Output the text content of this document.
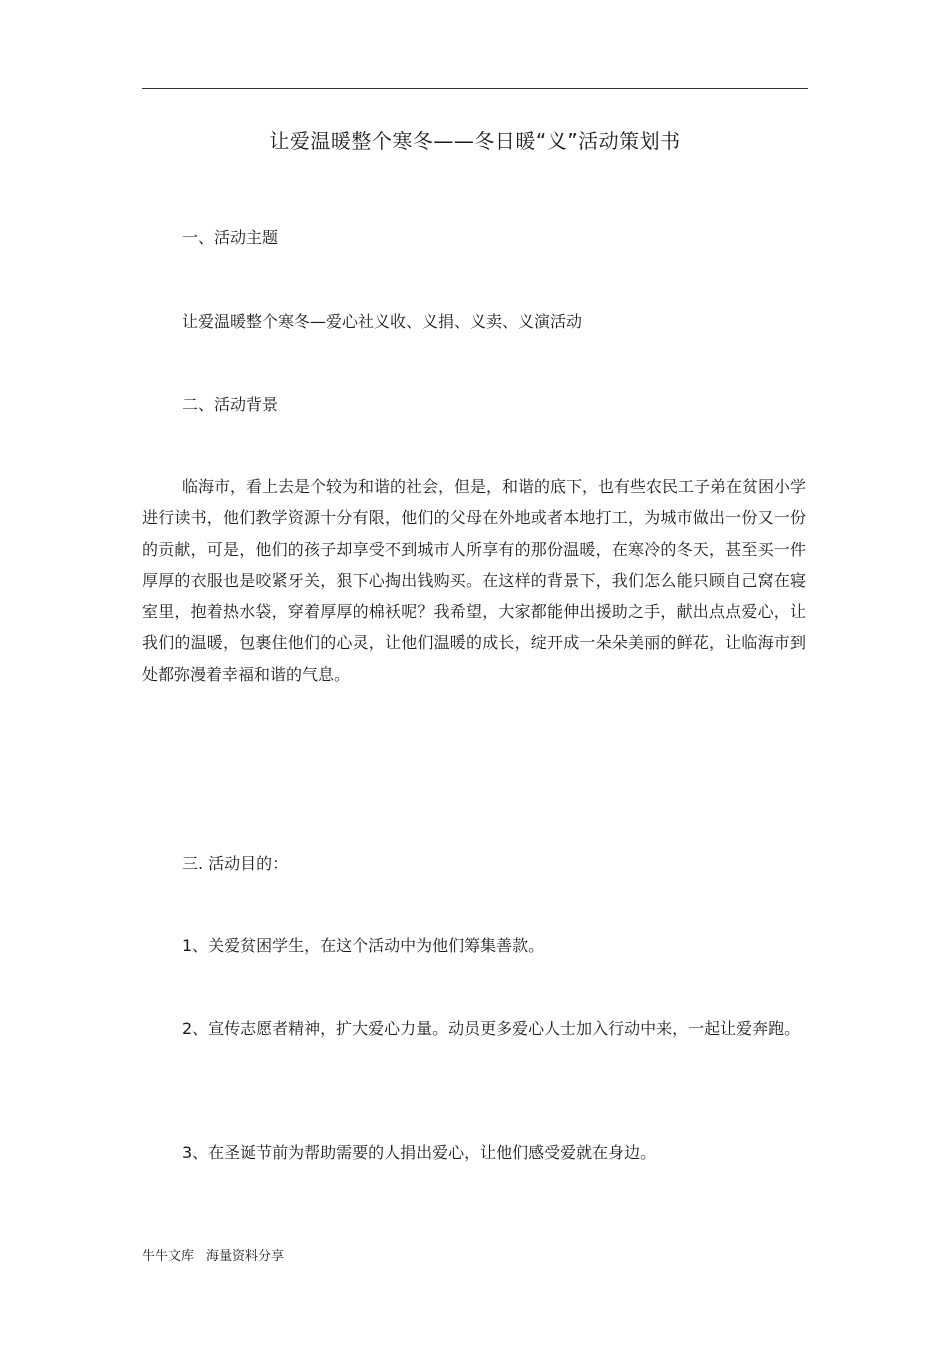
让爱温暖整个寒冬——冬日暖“义”活动策划书
一、活动主题
让爱温暖整个寒冬—爱心社义收、义捐、义卖、义演活动
二、活动背景
临海市，看上去是个较为和谐的社会，但是，和谐的底下，也有些农民工子弟在贫困小学进行读书，他们教学资源十分有限，他们的父母在外地或者本地打工，为城市做出一份又一份的贡献，可是，他们的孩子却享受不到城市人所享有的那份温暖，在寒冷的冬天，甚至买一件厚厚的衣服也是咬紧牙关，狠下心掏出钱购买。在这样的背景下，我们怎么能只顾自己窝在寝室里，抱着热水袋，穿着厚厚的棉袄呢？我希望，大家都能伸出援助之手，献出点点爱心，让我们的温暖，包裹住他们的心灵，让他们温暖的成长，绽开成一朵朵美丽的鲜花，让临海市到处都弥漫着幸福和谐的气息。
三. 活动目的：
1、关爱贫困学生，在这个活动中为他们筹集善款。
2、宣传志愿者精神，扩大爱心力量。动员更多爱心人士加入行动中来，一起让爱奔跑。
3、在圣诞节前为帮助需要的人捐出爱心，让他们感受爱就在身边。
牛牛文库 海量资料分享
